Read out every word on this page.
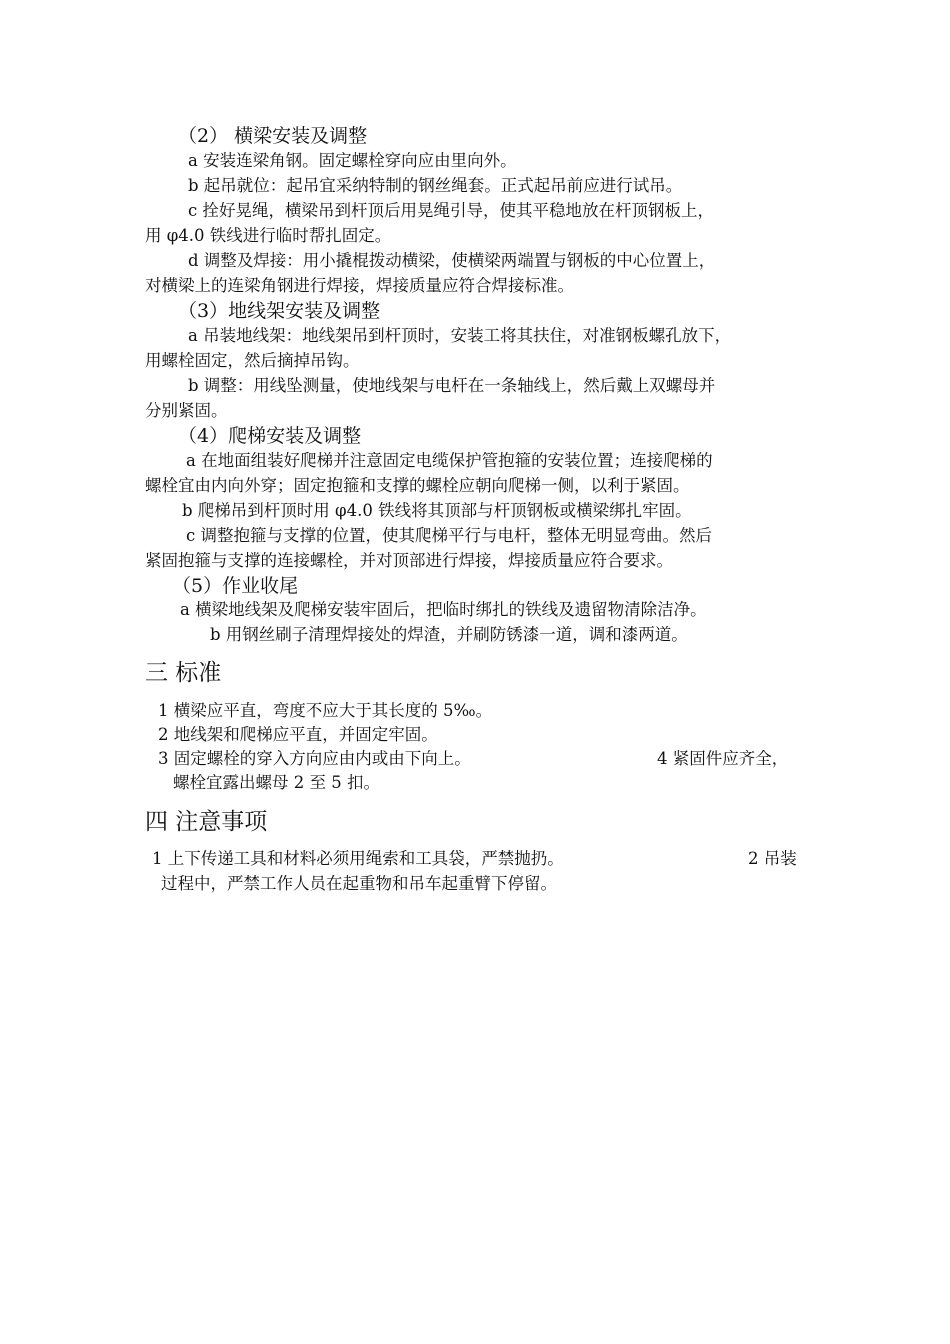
（2） 横梁安装及调整
a 安装连梁角钢。固定螺栓穿向应由里向外。
b 起吊就位：起吊宜采纳特制的钢丝绳套。正式起吊前应进行试吊。
c 拴好晃绳，横梁吊到杆顶后用晃绳引导，使其平稳地放在杆顶钢板上，
用 φ4.0 铁线进行临时帮扎固定。
d 调整及焊接：用小撬棍拨动横梁，使横梁两端置与钢板的中心位置上，
对横梁上的连梁角钢进行焊接，焊接质量应符合焊接标准。
（3）地线架安装及调整
a 吊装地线架：地线架吊到杆顶时，安装工将其扶住，对准钢板螺孔放下，
用螺栓固定，然后摘掉吊钩。
b 调整：用线坠测量，使地线架与电杆在一条轴线上，然后戴上双螺母并
分别紧固。
（4）爬梯安装及调整
a 在地面组装好爬梯并注意固定电缆保护管抱箍的安装位置；连接爬梯的
螺栓宜由内向外穿；固定抱箍和支撑的螺栓应朝向爬梯一侧，以利于紧固。
b 爬梯吊到杆顶时用 φ4.0 铁线将其顶部与杆顶钢板或横梁绑扎牢固。
c 调整抱箍与支撑的位置，使其爬梯平行与电杆，整体无明显弯曲。然后
紧固抱箍与支撑的连接螺栓，并对顶部进行焊接，焊接质量应符合要求。
（5）作业收尾
a 横梁地线架及爬梯安装牢固后，把临时绑扎的铁线及遗留物清除洁净。
b 用钢丝刷子清理焊接处的焊渣，并刷防锈漆一道，调和漆两道。
三 标准
1 横梁应平直，弯度不应大于其长度的 5‰。
2 地线架和爬梯应平直，并固定牢固。
3 固定螺栓的穿入方向应由内或由下向上。	4 紧固件应齐全，
螺栓宜露出螺母 2 至 5 扣。
四 注意事项
1 上下传递工具和材料必须用绳索和工具袋，严禁抛扔。	2 吊装
过程中，严禁工作人员在起重物和吊车起重臂下停留。
